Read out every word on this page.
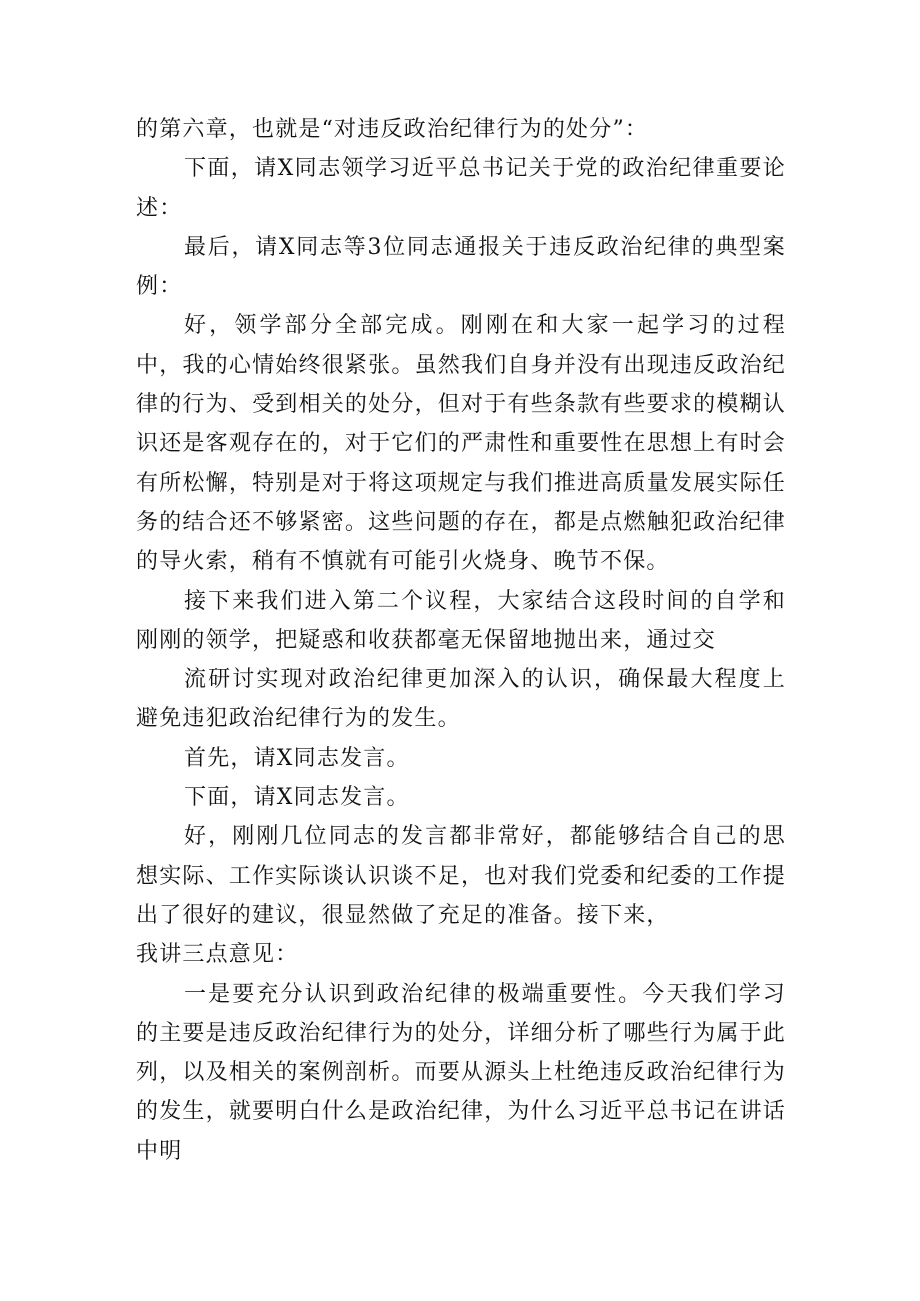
的第六章，也就是“对违反政治纪律行为的处分”：

下面，请X同志领学习近平总书记关于党的政治纪律重要论述：

最后，请X同志等3位同志通报关于违反政治纪律的典型案例：

好，领学部分全部完成。刚刚在和大家一起学习的过程中，我的心情始终很紧张。虽然我们自身并没有出现违反政治纪律的行为、受到相关的处分，但对于有些条款有些要求的模糊认识还是客观存在的，对于它们的严肃性和重要性在思想上有时会有所松懈，特别是对于将这项规定与我们推进高质量发展实际任务的结合还不够紧密。这些问题的存在，都是点燃触犯政治纪律的导火索，稍有不慎就有可能引火烧身、晚节不保。

接下来我们进入第二个议程，大家结合这段时间的自学和刚刚的领学，把疑惑和收获都毫无保留地抛出来，通过交

流研讨实现对政治纪律更加深入的认识，确保最大程度上避免违犯政治纪律行为的发生。

首先，请X同志发言。

下面，请X同志发言。

好，刚刚几位同志的发言都非常好，都能够结合自己的思想实际、工作实际谈认识谈不足，也对我们党委和纪委的工作提出了很好的建议，很显然做了充足的准备。接下来，

我讲三点意见：

一是要充分认识到政治纪律的极端重要性。今天我们学习的主要是违反政治纪律行为的处分，详细分析了哪些行为属于此列，以及相关的案例剖析。而要从源头上杜绝违反政治纪律行为的发生，就要明白什么是政治纪律，为什么习近平总书记在讲话中明
